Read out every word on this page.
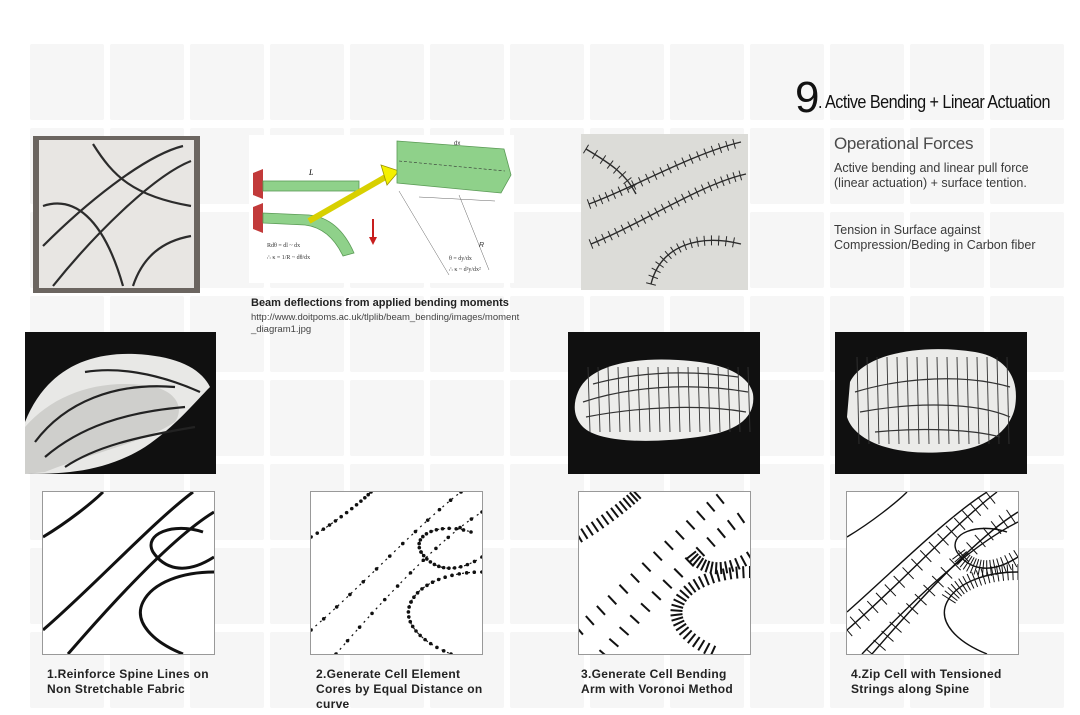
9 . Active Bending + Linear Actuation
Operational Forces
Active bending and linear pull force (linear actuation) + surface tention.
Tension in Surface against Compression/Beding in Carbon fiber
L
Rdθ = dl ~ dx
∴ κ = 1/R ~ dθ/dx
dx
R
θ = dy/dx
∴ κ ~ d²y/dx²
Beam deflections from applied bending moments
http://www.doitpoms.ac.uk/tlplib/beam_bending/images/moment_diagram1.jpg
1.Reinforce Spine Lines on Non Stretchable Fabric
2.Generate Cell Element Cores by Equal Distance on curve
3.Generate Cell Bending Arm with Voronoi Method
4.Zip Cell with Tensioned Strings along Spine
